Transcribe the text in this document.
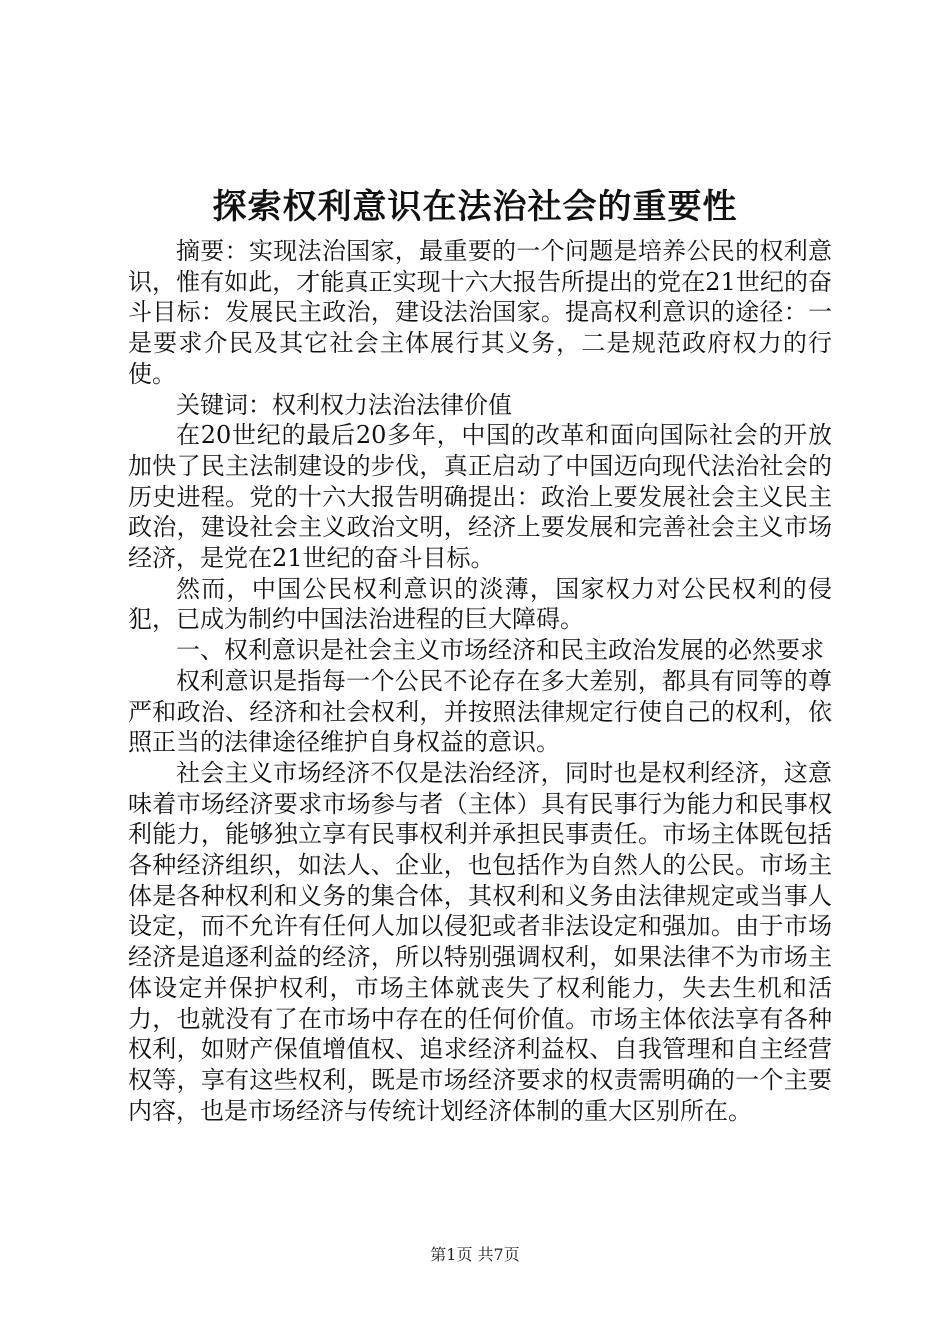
探索权利意识在法治社会的重要性

摘要：实现法治国家，最重要的一个问题是培养公民的权利意识，惟有如此，才能真正实现十六大报告所提出的党在21世纪的奋斗目标：发展民主政治，建设法治国家。提高权利意识的途径：一是要求介民及其它社会主体展行其义务，二是规范政府权力的行使。

关键词：权利权力法治法律价值

在20世纪的最后20多年，中国的改革和面向国际社会的开放加快了民主法制建设的步伐，真正启动了中国迈向现代法治社会的历史进程。党的十六大报告明确提出：政治上要发展社会主义民主政治，建设社会主义政治文明，经济上要发展和完善社会主义市场经济，是党在21世纪的奋斗目标。

然而，中国公民权利意识的淡薄，国家权力对公民权利的侵犯，已成为制约中国法治进程的巨大障碍。

一、权利意识是社会主义市场经济和民主政治发展的必然要求

权利意识是指每一个公民不论存在多大差别，都具有同等的尊严和政治、经济和社会权利，并按照法律规定行使自己的权利，依照正当的法律途径维护自身权益的意识。

社会主义市场经济不仅是法治经济，同时也是权利经济，这意味着市场经济要求市场参与者（主体）具有民事行为能力和民事权利能力，能够独立享有民事权利并承担民事责任。市场主体既包括各种经济组织，如法人、企业，也包括作为自然人的公民。市场主体是各种权利和义务的集合体，其权利和义务由法律规定或当事人设定，而不允许有任何人加以侵犯或者非法设定和强加。由于市场经济是追逐利益的经济，所以特别强调权利，如果法律不为市场主体设定并保护权利，市场主体就丧失了权利能力，失去生机和活力，也就没有了在市场中存在的任何价值。市场主体依法享有各种权利，如财产保值增值权、追求经济利益权、自我管理和自主经营权等，享有这些权利，既是市场经济要求的权责需明确的一个主要内容，也是市场经济与传统计划经济体制的重大区别所在。

第1页 共7页
